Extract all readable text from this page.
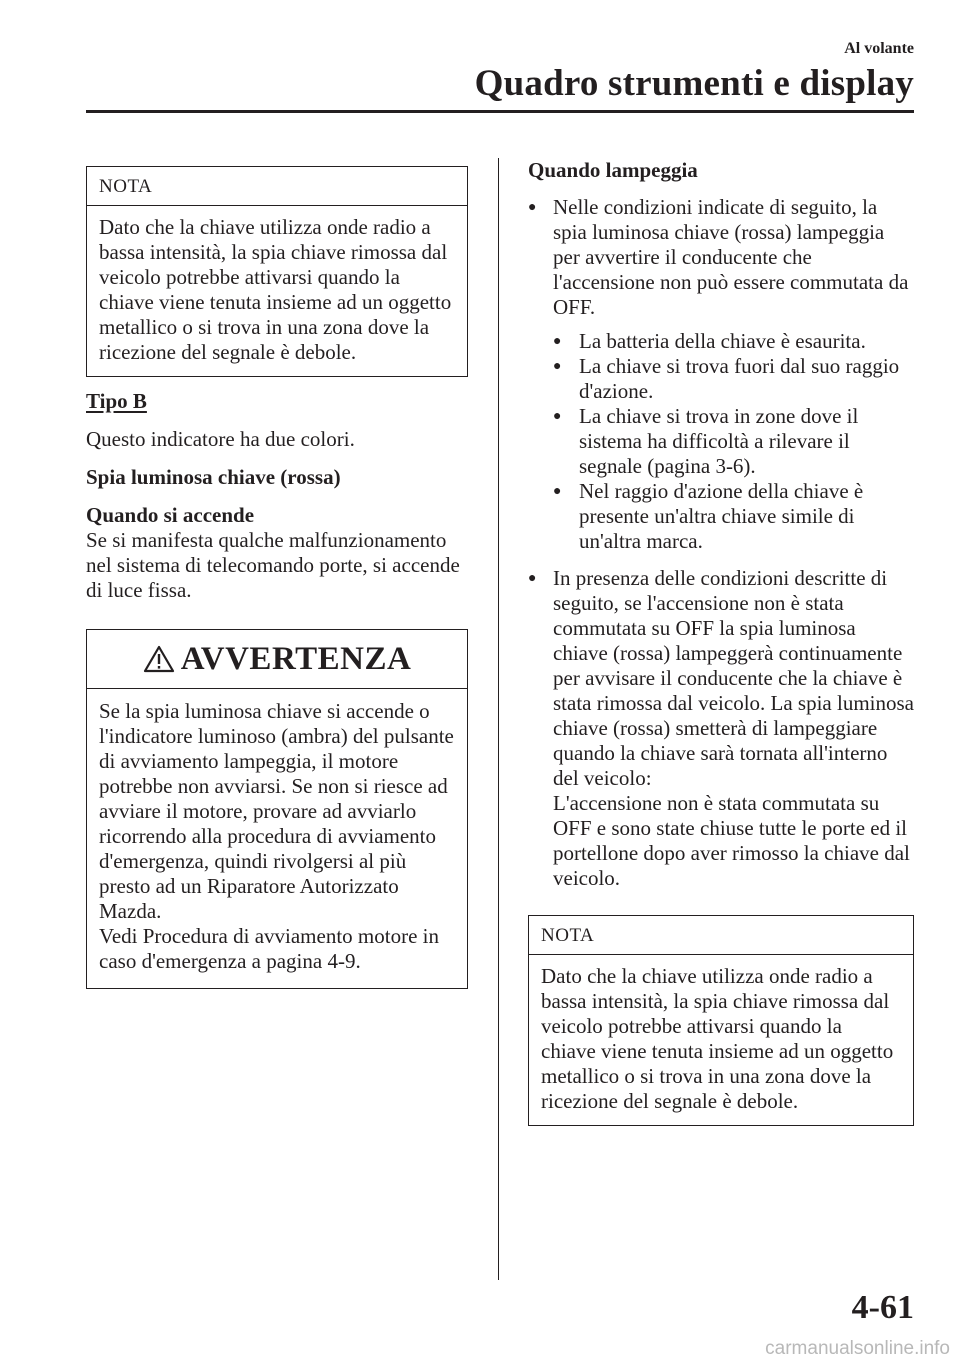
Al volante
Quadro strumenti e display
NOTA
Dato che la chiave utilizza onde radio a bassa intensità, la spia chiave rimossa dal veicolo potrebbe attivarsi quando la chiave viene tenuta insieme ad un oggetto metallico o si trova in una zona dove la ricezione del segnale è debole.
Tipo B

Questo indicatore ha due colori.

Spia luminosa chiave (rossa)

Quando si accende

Se si manifesta qualche malfunzionamento nel sistema di telecomando porte, si accende di luce fissa.

AVVERTENZA

Se la spia luminosa chiave si accende o l'indicatore luminoso (ambra) del pulsante di avviamento lampeggia, il motore potrebbe non avviarsi. Se non si riesce ad avviare il motore, provare ad avviarlo ricorrendo alla procedura di avviamento d'emergenza, quindi rivolgersi al più presto ad un Riparatore Autorizzato Mazda.

Vedi Procedura di avviamento motore in caso d'emergenza a pagina 4-9.

Quando lampeggia

● Nelle condizioni indicate di seguito, la spia luminosa chiave (rossa) lampeggia per avvertire il conducente che l'accensione non può essere commutata da OFF.
● La batteria della chiave è esaurita.
● La chiave si trova fuori dal suo raggio d'azione.
● La chiave si trova in zone dove il sistema ha difficoltà a rilevare il segnale (pagina 3-6).
● Nel raggio d'azione della chiave è presente un'altra chiave simile di un'altra marca.
● In presenza delle condizioni descritte di seguito, se l'accensione non è stata commutata su OFF la spia luminosa chiave (rossa) lampeggerà continuamente per avvisare il conducente che la chiave è stata rimossa dal veicolo. La spia luminosa chiave (rossa) smetterà di lampeggiare quando la chiave sarà tornata all'interno del veicolo:
L'accensione non è stata commutata su OFF e sono state chiuse tutte le porte ed il portellone dopo aver rimosso la chiave dal veicolo.
NOTA
Dato che la chiave utilizza onde radio a bassa intensità, la spia chiave rimossa dal veicolo potrebbe attivarsi quando la chiave viene tenuta insieme ad un oggetto metallico o si trova in una zona dove la ricezione del segnale è debole.
4-61
carmanualsonline.info
